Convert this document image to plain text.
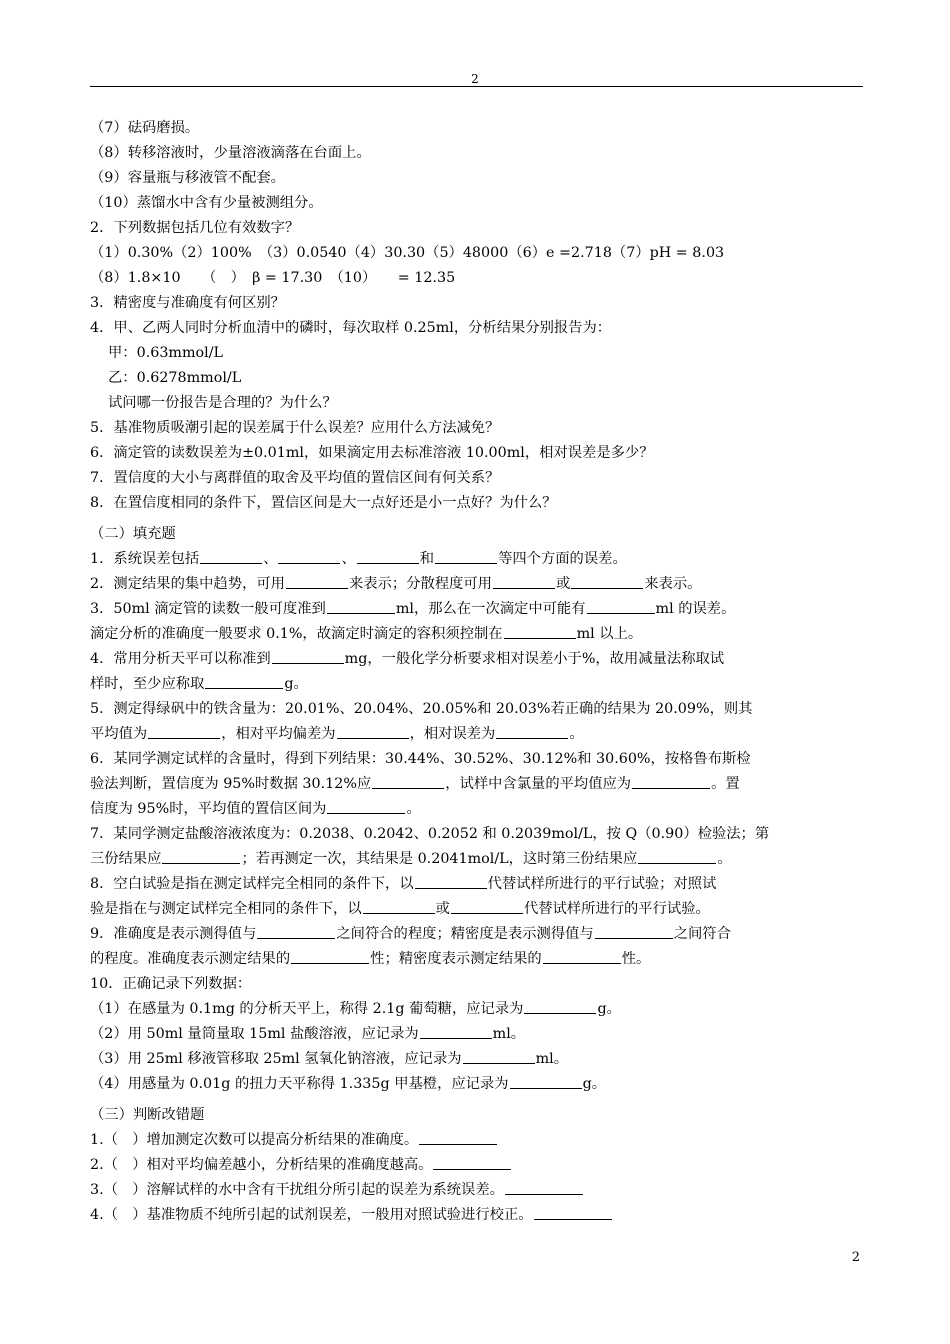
2
（7）砝码磨损。
（8）转移溶液时，少量溶液滴落在台面上。
（9）容量瓶与移液管不配套。
（10）蒸馏水中含有少量被测组分。
2．下列数据包括几位有效数字？
（1）0.30%（2）100%　（3）0.0540（4）30.30（5）48000（6）e =2.718（7）pH = 8.03
（8）1.8×10　　（　）　β = 17.30　（10）　　= 12.35
3．精密度与准确度有何区别？
4．甲、乙两人同时分析血清中的磷时，每次取样 0.25ml，分析结果分别报告为：
甲：0.63mmol/L
乙：0.6278mmol/L
试问哪一份报告是合理的？为什么？
5．基准物质吸潮引起的误差属于什么误差？应用什么方法减免？
6．滴定管的读数误差为±0.01ml，如果滴定用去标准溶液 10.00ml，相对误差是多少？
7．置信度的大小与离群值的取舍及平均值的置信区间有何关系？
8．在置信度相同的条件下，置信区间是大一点好还是小一点好？为什么？
（二）填充题
1．系统误差包括	、	、	和	等四个方面的误差。
2．测定结果的集中趋势，可用	来表示；分散程度可用	或	来表示。
3．50ml 滴定管的读数一般可度准到	ml，那么在一次滴定中可能有	ml 的误差。
滴定分析的准确度一般要求 0.1%，故滴定时滴定的容积须控制在	ml 以上。
4．常用分析天平可以称准到	mg，一般化学分析要求相对误差小于%，故用减量法称取试
样时，至少应称取	g。
5．测定得绿矾中的铁含量为：20.01%、20.04%、20.05%和 20.03%若正确的结果为 20.09%，则其
平均值为	，相对平均偏差为	，相对误差为	。
6．某同学测定试样的含量时，得到下列结果：30.44%、30.52%、30.12%和 30.60%，按格鲁布斯检
验法判断，置信度为 95%时数据 30.12%应	，试样中含氯量的平均值应为	。置
信度为 95%时，平均值的置信区间为	。
7．某同学测定盐酸溶液浓度为：0.2038、0.2042、0.2052 和 0.2039mol/L，按 Q（0.90）检验法；第
三份结果应	；若再测定一次，其结果是 0.2041mol/L，这时第三份结果应	。
8．空白试验是指在测定试样完全相同的条件下，以	代替试样所进行的平行试验；对照试
验是指在与测定试样完全相同的条件下，以	或	代替试样所进行的平行试验。
9．准确度是表示测得值与	之间符合的程度；精密度是表示测得值与	之间符合
的程度。准确度表示测定结果的	性；精密度表示测定结果的	性。
10．正确记录下列数据：
（1）在感量为 0.1mg 的分析天平上，称得 2.1g 葡萄糖，应记录为	g。
（2）用 50ml 量筒量取 15ml 盐酸溶液，应记录为	ml。
（3）用 25ml 移液管移取 25ml 氢氧化钠溶液，应记录为	ml。
（4）用感量为 0.01g 的扭力天平称得 1.335g 甲基橙，应记录为	g。
（三）判断改错题
1.（　）增加测定次数可以提高分析结果的准确度。
2.（　）相对平均偏差越小，分析结果的准确度越高。
3.（　）溶解试样的水中含有干扰组分所引起的误差为系统误差。
4.（　）基准物质不纯所引起的试剂误差，一般用对照试验进行校正。
2
